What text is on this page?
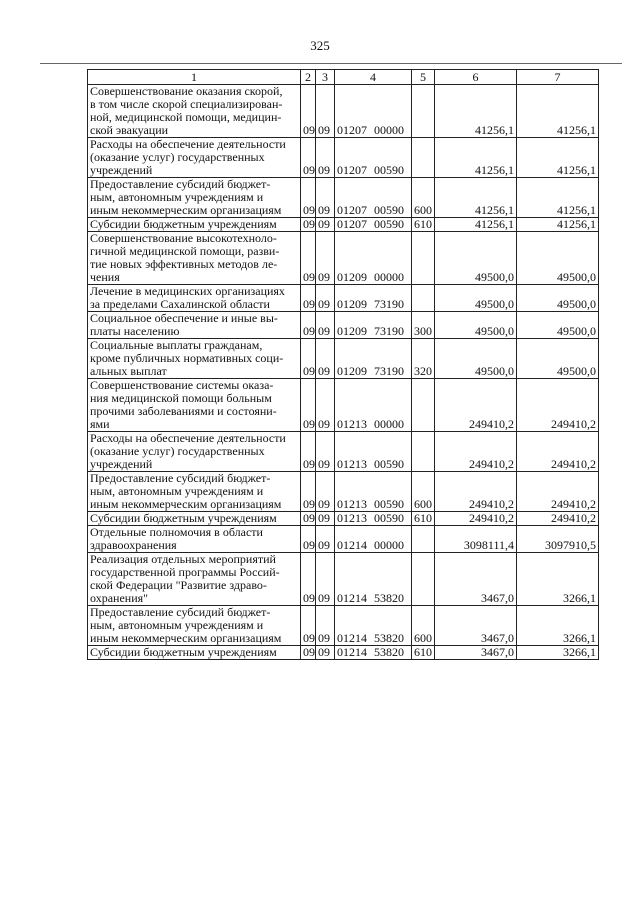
325
1	2	3	4	5	6	7
Совершенствование оказания скорой,
в том числе скорой специализирован-
ной, медицинской помощи, медицин-
ской эвакуации	09	09	01207 00000		41256,1	41256,1
Расходы на обеспечение деятельности
(оказание услуг) государственных
учреждений	09	09	01207 00590		41256,1	41256,1
Предоставление субсидий бюджет-
ным, автономным учреждениям и
иным некоммерческим организациям	09	09	01207 00590	600	41256,1	41256,1
Субсидии бюджетным учреждениям	09	09	01207 00590	610	41256,1	41256,1
Совершенствование высокотехноло-
гичной медицинской помощи, разви-
тие новых эффективных методов ле-
чения	09	09	01209 00000		49500,0	49500,0
Лечение в медицинских организациях
за пределами Сахалинской области	09	09	01209 73190		49500,0	49500,0
Социальное обеспечение и иные вы-
платы населению	09	09	01209 73190	300	49500,0	49500,0
Социальные выплаты гражданам,
кроме публичных нормативных соци-
альных выплат	09	09	01209 73190	320	49500,0	49500,0
Совершенствование системы оказа-
ния медицинской помощи больным
прочими заболеваниями и состояни-
ями	09	09	01213 00000		249410,2	249410,2
Расходы на обеспечение деятельности
(оказание услуг) государственных
учреждений	09	09	01213 00590		249410,2	249410,2
Предоставление субсидий бюджет-
ным, автономным учреждениям и
иным некоммерческим организациям	09	09	01213 00590	600	249410,2	249410,2
Субсидии бюджетным учреждениям	09	09	01213 00590	610	249410,2	249410,2
Отдельные полномочия в области
здравоохранения	09	09	01214 00000		3098111,4	3097910,5
Реализация отдельных мероприятий
государственной программы Россий-
ской Федерации "Развитие здраво-
охранения"	09	09	01214 53820		3467,0	3266,1
Предоставление субсидий бюджет-
ным, автономным учреждениям и
иным некоммерческим организациям	09	09	01214 53820	600	3467,0	3266,1
Субсидии бюджетным учреждениям	09	09	01214 53820	610	3467,0	3266,1
